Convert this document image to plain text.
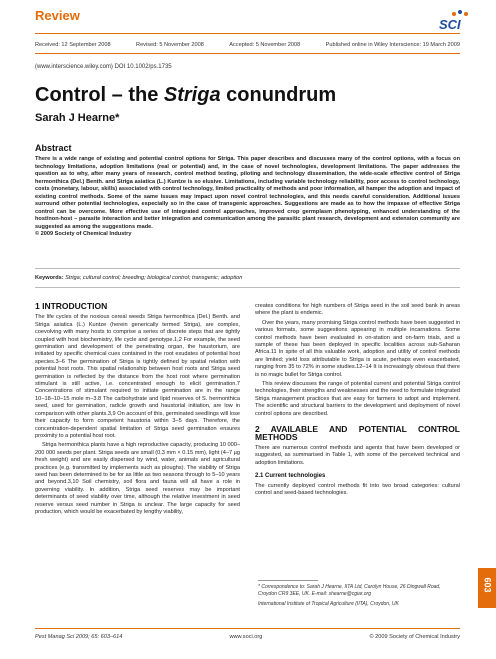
Review
SCI
Received: 12 September 2008	Revised: 5 November 2008	Accepted: 5 November 2008	Published online in Wiley Interscience: 19 March 2009
(www.interscience.wiley.com) DOI 10.1002/ps.1735
Control – the Striga conundrum
Sarah J Hearne*
Abstract
There is a wide range of existing and potential control options for Striga. This paper describes and discusses many of the control options, with a focus on technology limitations, adoption limitations (real or potential) and, in the case of novel technologies, development limitations. The paper addresses the question as to why, after many years of research, control method testing, piloting and technology dissemination, the wide-scale effective control of Striga hermonthica (Del.) Benth. and Striga asiatica (L.) Kuntze is so elusive. Limitations, including variable technology reliability, poor access to control technology, costs (monetary, labour, skills) associated with control technology, limited practicality of methods and poor information, all hamper the adoption and impact of existing control methods. Some of the same issues may impact upon novel control technologies, and this needs careful consideration. Additional issues surround other potential technologies, especially so in the case of transgenic approaches. Suggestions are made as to how the impasse of effective Striga control can be overcome. More effective use of integrated control approaches, improved crop germplasm phenotyping, enhanced understanding of the host/non-host – parasite interaction and better integration and communication among the parasitic plant research, development and extension community are suggested as among the suggestions made.
© 2009 Society of Chemical Industry
Keywords: Striga; cultural control; breeding; biological control; transgenic; adoption
1 INTRODUCTION

The life cycles of the noxious cereal weeds Striga hermonthica (Del.) Benth. and Striga asiatica (L.) Kuntze (herein generically termed Striga), are complex, coevolving with many hosts to comprise a series of discrete steps that are tightly coupled with host biochemistry, life cycle and genotype.1,2 For example, the seed germination and development of the penetrating organ, the haustorium, are initiated by specific chemical cues contained in the root exudates of potential host species.3–6 The germination of Striga is tightly defined by spatial relation with potential host roots. This spatial relationship between host roots and Striga seed germination is reflected by the distance from the host root where germination stimulant is still active, i.e. concentrated enough to elicit germination.7 Concentrations of stimulant required to initiate germination are in the range 10−18–10−15 mole m−3.8 The carbohydrate and lipid reserves of S. hermonthica seed, used for germination, radicle growth and haustorial initiation, are low in comparison with other plants.3,9 On account of this, germinated seedlings will lose their capacity to form competent haustoria within 3–5 days. Therefore, the concentration-dependent spatial limitation of Striga seed germination ensures proximity to a potential host root.

Striga hermonthica plants have a high reproductive capacity, producing 10 000–200 000 seeds per plant. Striga seeds are small (0.3 mm × 0.15 mm), light (4–7 µg fresh weight) and are easily dispersed by wind, water, animals and agricultural practices (e.g. transmitted by implements such as ploughs). The viability of Striga seed has been determined to be for as little as two seasons through to 5–10 years and beyond.3,10 Soil chemistry, soil flora and fauna will all have a role in governing viability. In addition, Striga seed reserves may be important determinants of seed viability over time, although the relative investment in seed reserve versus seed number in Striga is unclear. The large capacity for seed production, which would be exacerbated by lengthy viability,

creates conditions for high numbers of Striga seed in the soil seed bank in areas where the plant is endemic.

Over the years, many promising Striga control methods have been suggested in various formats, some suggestions appearing in multiple incarnations. Some control methods have been evaluated in on-station and on-farm trials, and a sample of these has been deployed in specific localities across sub-Saharan Africa.11 In spite of all this valuable work, adoption and utility of control methods are limited; yield loss attributable to Striga is acute, perhaps even exacerbated, ranging from 35 to 72% in some studies.12–14 It is increasingly obvious that there is no magic bullet for Striga control.

This review discusses the range of potential current and potential Striga control technologies, their strengths and weaknesses and the need to formulate integrated Striga management practices that are easy for farmers to adopt and implement. The scientific and structural barriers to the development and deployment of novel control options are described.

2 AVAILABLE AND POTENTIAL CONTROL METHODS

There are numerous control methods and agents that have been developed or suggested, as summarised in Table 1, with some of the perceived technical and adoption limitations.

2.1 Current technologies

The currently deployed control methods fit into two broad categories: cultural control and seed-based technologies.

* Correspondence to: Sarah J Hearne, IITA Ltd, Carolyn House, 26 Dingwall Road, Croydon CR9 3EE, UK. E-mail: shearne@cgiar.org
International Institute of Tropical Agriculture (IITA), Croydon, UK
Pest Manag Sci 2009; 65: 603–614	www.soci.org	© 2009 Society of Chemical Industry
603
